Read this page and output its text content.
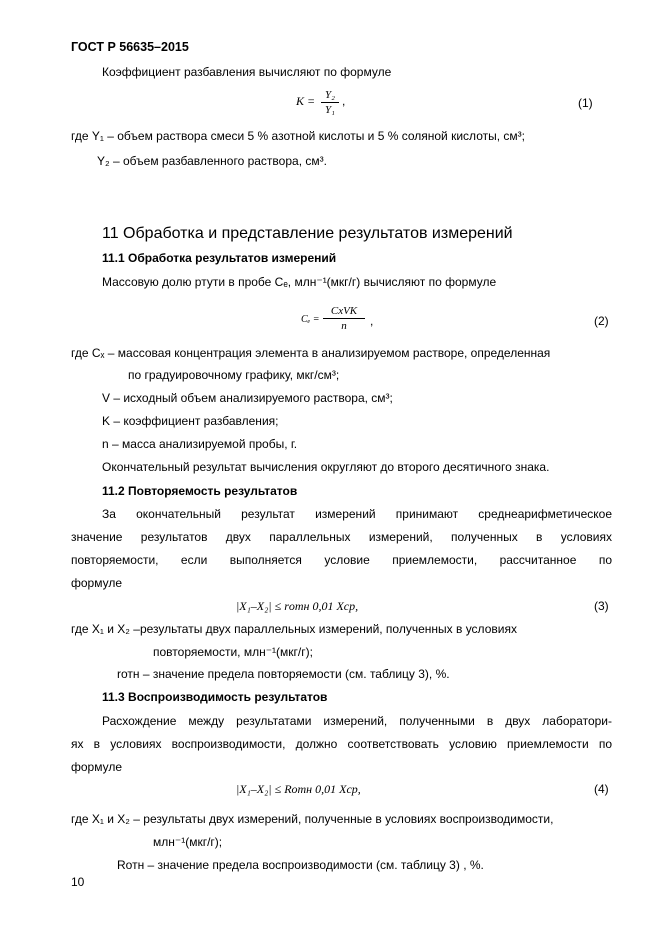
ГОСТ Р 56635–2015
Коэффициент разбавления вычисляют по формуле
K = Y₂
Y₁
,	(1)
где Y₁ – объем раствора смеси 5 % азотной кислоты и 5 % соляной кислоты, см³;
Y₂ – объем разбавленного раствора, см³.
11 Обработка и представление результатов измерений
11.1 Обработка результатов измерений
Массовую долю ртути в пробе Cₑ, млн⁻¹(мкг/г) вычисляют по формуле
Cₑ =
CxVK
n	,	(2)
где Cₓ – массовая концентрация элемента в анализируемом растворе, определенная
по градуировочному графику, мкг/см³;
V – исходный объем анализируемого раствора, см³;
K – коэффициент разбавления;
n – масса анализируемой пробы, г.
Окончательный результат вычисления округляют до второго десятичного знака.
11.2 Повторяемость результатов
За окончательный результат измерений принимают среднеарифметическое
значение результатов двух параллельных измерений, полученных в условиях
повторяемости, если выполняется условие приемлемости, рассчитанное по
формуле
|X₁–X₂| ≤ rотн 0,01 Xср,	(3)
где X₁ и X₂ –результаты двух параллельных измерений, полученных в условиях
повторяемости, млн⁻¹(мкг/г);
rотн – значение предела повторяемости (см. таблицу 3), %.
11.3 Воспроизводимость результатов
Расхождение между результатами измерений, полученными в двух лаборатори-
ях в условиях воспроизводимости, должно соответствовать условию приемлемости по
формуле
|X₁–X₂| ≤ Rотн 0,01 Xср,	(4)
где X₁ и X₂ – результаты двух измерений, полученные в условиях воспроизводимости,
млн⁻¹(мкг/г);
Rотн – значение предела воспроизводимости (см. таблицу 3) , %.
10
